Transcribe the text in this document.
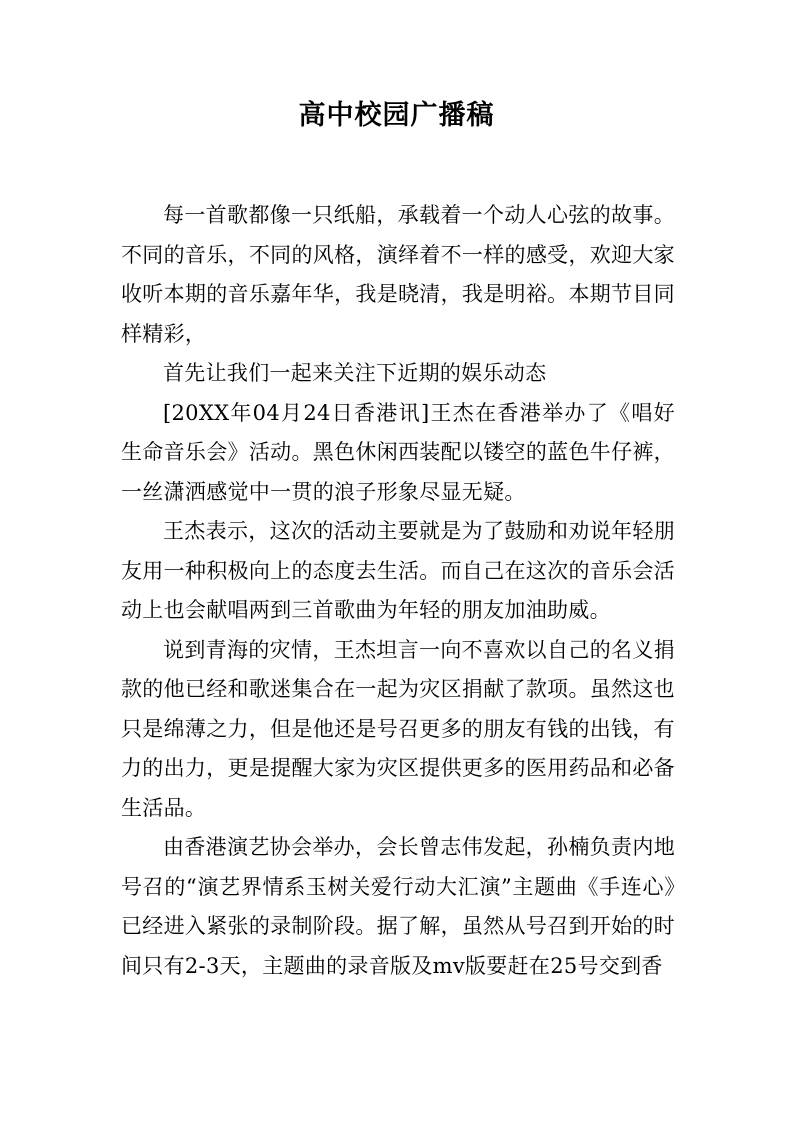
高中校园广播稿

每一首歌都像一只纸船，承载着一个动人心弦的故事。不同的音乐，不同的风格，演绎着不一样的感受，欢迎大家收听本期的音乐嘉年华，我是晓清，我是明裕。本期节目同样精彩，

首先让我们一起来关注下近期的娱乐动态

[20XX年04月24日香港讯]王杰在香港举办了《唱好生命音乐会》活动。黑色休闲西装配以镂空的蓝色牛仔裤，一丝潇洒感觉中一贯的浪子形象尽显无疑。

王杰表示，这次的活动主要就是为了鼓励和劝说年轻朋友用一种积极向上的态度去生活。而自己在这次的音乐会活动上也会献唱两到三首歌曲为年轻的朋友加油助威。

说到青海的灾情，王杰坦言一向不喜欢以自己的名义捐款的他已经和歌迷集合在一起为灾区捐献了款项。虽然这也只是绵薄之力，但是他还是号召更多的朋友有钱的出钱，有力的出力，更是提醒大家为灾区提供更多的医用药品和必备生活品。

由香港演艺协会举办，会长曾志伟发起，孙楠负责内地号召的“演艺界情系玉树关爱行动大汇演”主题曲《手连心》已经进入紧张的录制阶段。据了解，虽然从号召到开始的时间只有2-3天，主题曲的录音版及mv版要赶在25号交到香
